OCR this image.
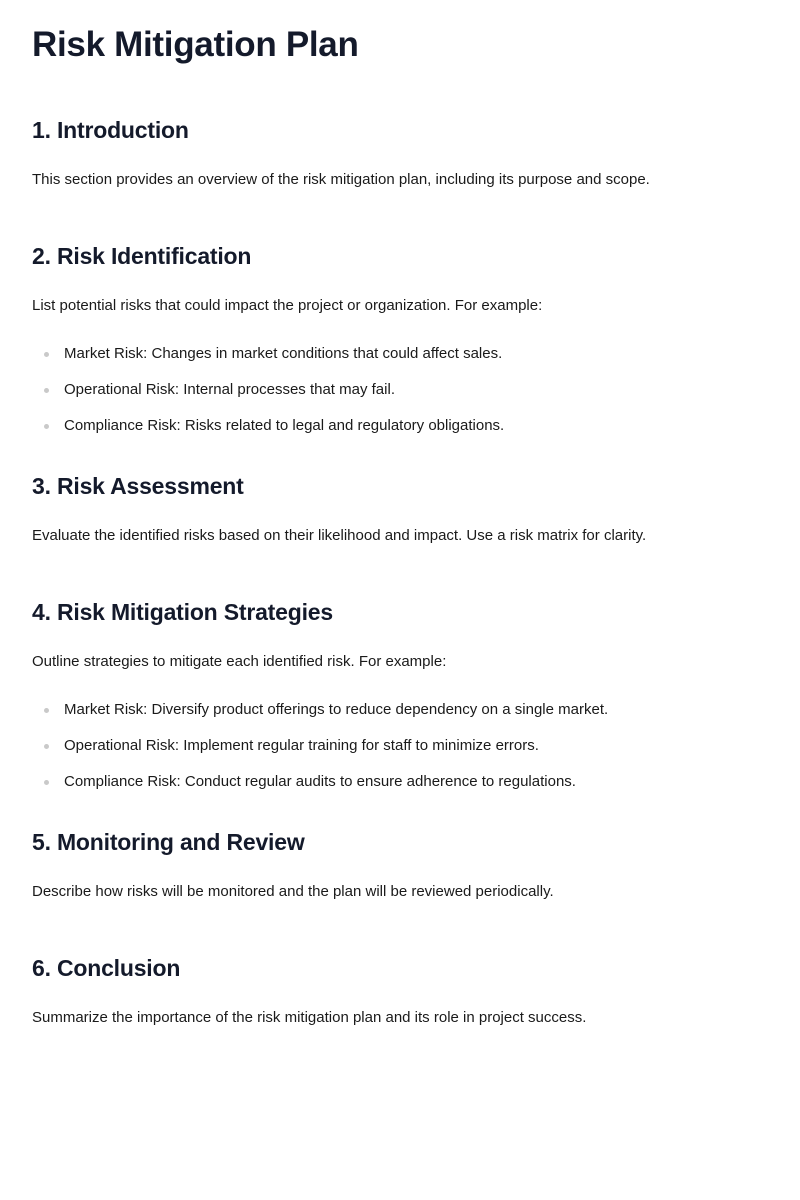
Risk Mitigation Plan
1. Introduction

This section provides an overview of the risk mitigation plan, including its purpose and scope.

2. Risk Identification

List potential risks that could impact the project or organization. For example:

Market Risk: Changes in market conditions that could affect sales.
Operational Risk: Internal processes that may fail.
Compliance Risk: Risks related to legal and regulatory obligations.
3. Risk Assessment

Evaluate the identified risks based on their likelihood and impact. Use a risk matrix for clarity.

4. Risk Mitigation Strategies

Outline strategies to mitigate each identified risk. For example:

Market Risk: Diversify product offerings to reduce dependency on a single market.
Operational Risk: Implement regular training for staff to minimize errors.
Compliance Risk: Conduct regular audits to ensure adherence to regulations.
5. Monitoring and Review

Describe how risks will be monitored and the plan will be reviewed periodically.

6. Conclusion

Summarize the importance of the risk mitigation plan and its role in project success.
